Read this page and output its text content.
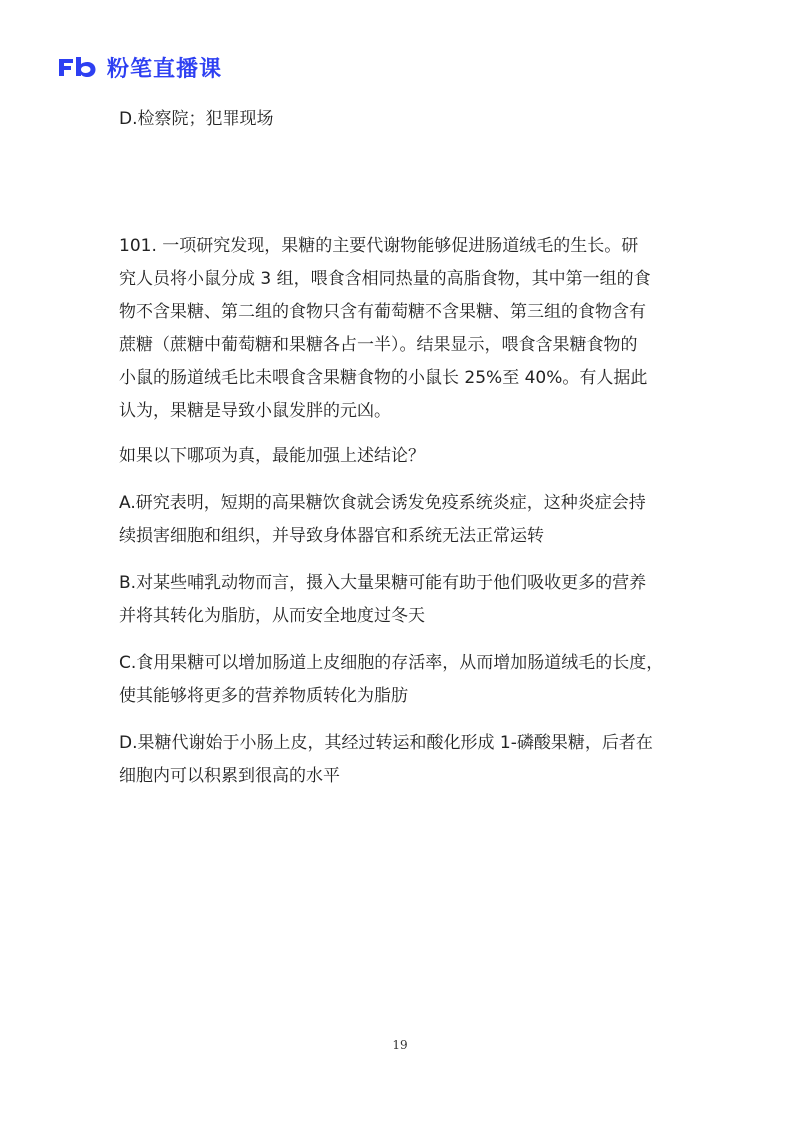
粉笔直播课
D.检察院；犯罪现场
101. 一项研究发现，果糖的主要代谢物能够促进肠道绒毛的生长。研
究人员将小鼠分成 3 组，喂食含相同热量的高脂食物，其中第一组的食
物不含果糖、第二组的食物只含有葡萄糖不含果糖、第三组的食物含有
蔗糖（蔗糖中葡萄糖和果糖各占一半）。结果显示，喂食含果糖食物的
小鼠的肠道绒毛比未喂食含果糖食物的小鼠长 25%至 40%。有人据此
认为，果糖是导致小鼠发胖的元凶。
如果以下哪项为真，最能加强上述结论？
A.研究表明，短期的高果糖饮食就会诱发免疫系统炎症，这种炎症会持
续损害细胞和组织，并导致身体器官和系统无法正常运转
B.对某些哺乳动物而言，摄入大量果糖可能有助于他们吸收更多的营养
并将其转化为脂肪，从而安全地度过冬天
C.食用果糖可以增加肠道上皮细胞的存活率，从而增加肠道绒毛的长度，
使其能够将更多的营养物质转化为脂肪
D.果糖代谢始于小肠上皮，其经过转运和酸化形成 1-磷酸果糖，后者在
细胞内可以积累到很高的水平
19
